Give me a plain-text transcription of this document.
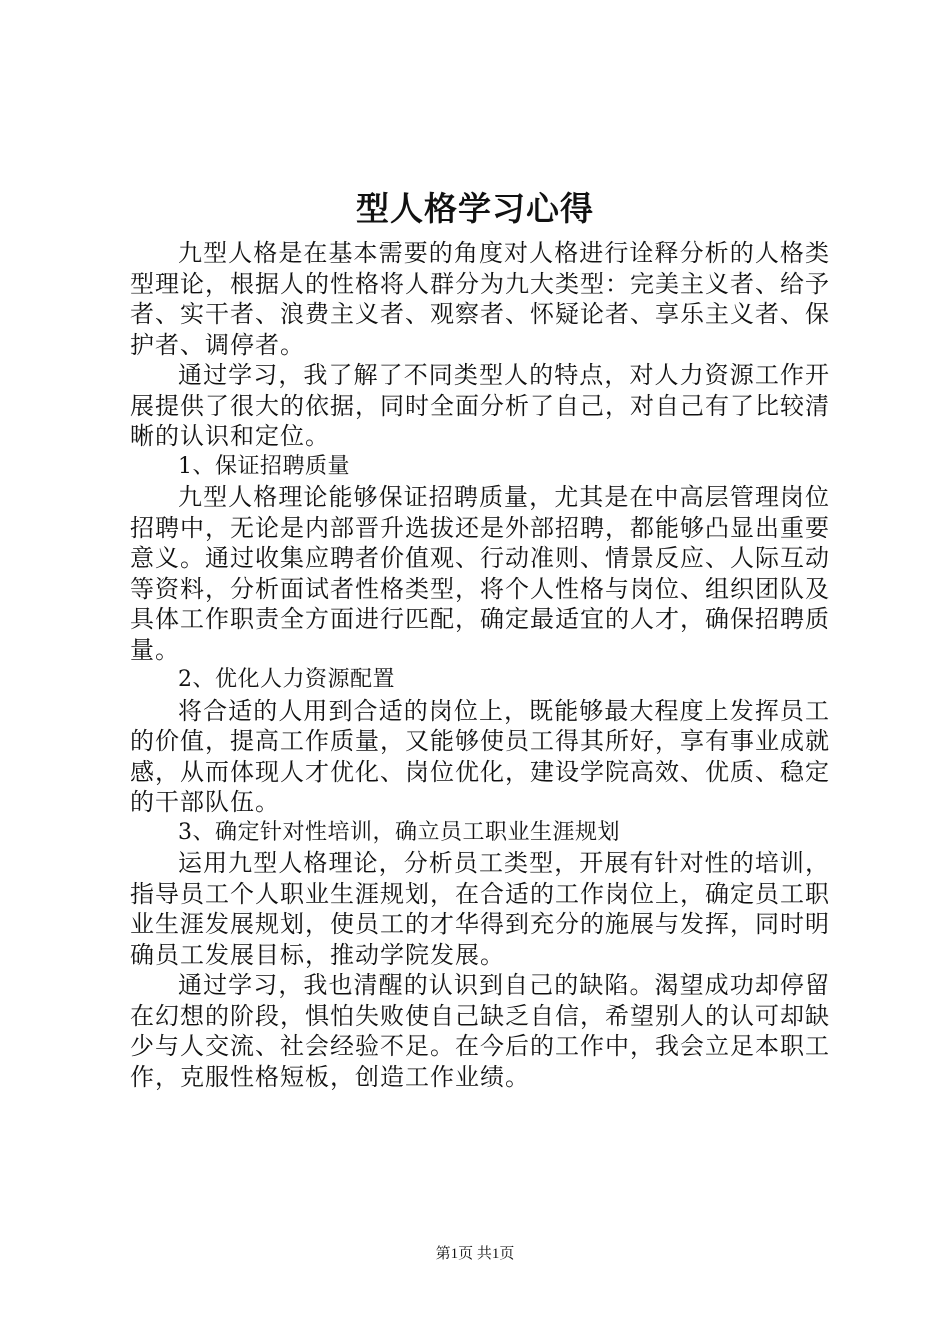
型人格学习心得

九型人格是在基本需要的角度对人格进行诠释分析的人格类型理论，根据人的性格将人群分为九大类型：完美主义者、给予者、实干者、浪费主义者、观察者、怀疑论者、享乐主义者、保护者、调停者。

通过学习，我了解了不同类型人的特点，对人力资源工作开展提供了很大的依据，同时全面分析了自己，对自己有了比较清晰的认识和定位。

1、保证招聘质量

九型人格理论能够保证招聘质量，尤其是在中高层管理岗位招聘中，无论是内部晋升选拔还是外部招聘，都能够凸显出重要意义。通过收集应聘者价值观、行动准则、情景反应、人际互动等资料，分析面试者性格类型，将个人性格与岗位、组织团队及具体工作职责全方面进行匹配，确定最适宜的人才，确保招聘质量。

2、优化人力资源配置

将合适的人用到合适的岗位上，既能够最大程度上发挥员工的价值，提高工作质量，又能够使员工得其所好，享有事业成就感，从而体现人才优化、岗位优化，建设学院高效、优质、稳定的干部队伍。

3、确定针对性培训，确立员工职业生涯规划

运用九型人格理论，分析员工类型，开展有针对性的培训，指导员工个人职业生涯规划，在合适的工作岗位上，确定员工职业生涯发展规划，使员工的才华得到充分的施展与发挥，同时明确员工发展目标，推动学院发展。

通过学习，我也清醒的认识到自己的缺陷。渴望成功却停留在幻想的阶段，惧怕失败使自己缺乏自信，希望别人的认可却缺少与人交流、社会经验不足。在今后的工作中，我会立足本职工作，克服性格短板，创造工作业绩。

第1页 共1页
